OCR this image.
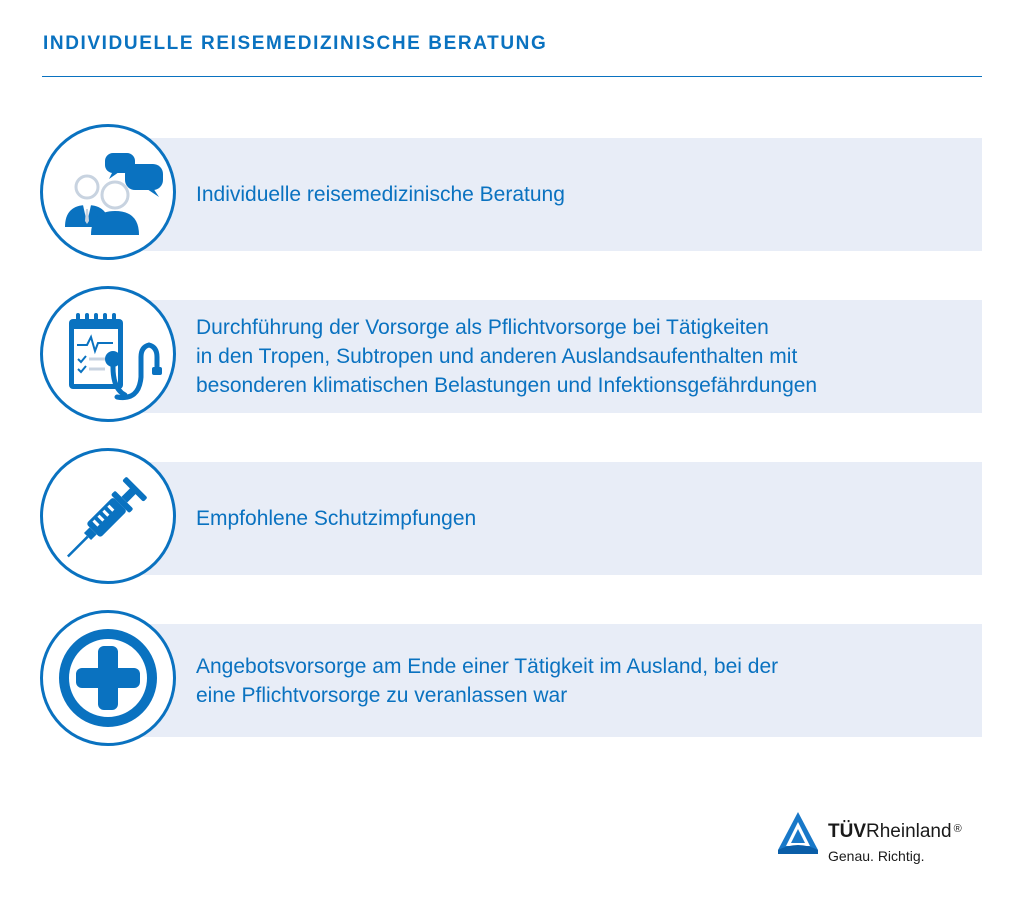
INDIVIDUELLE REISEMEDIZINISCHE BERATUNG
Individuelle reisemedizinische Beratung
Durchführung der Vorsorge als Pflichtvorsorge bei Tätigkeiten
in den Tropen, Subtropen und anderen Auslandsaufenthalten mit
besonderen klimatischen Belastungen und Infektionsgefährdungen
Empfohlene Schutzimpfungen
Angebotsvorsorge am Ende einer Tätigkeit im Ausland, bei der
eine Pflichtvorsorge zu veranlassen war
TÜVRheinland ®
Genau. Richtig.
